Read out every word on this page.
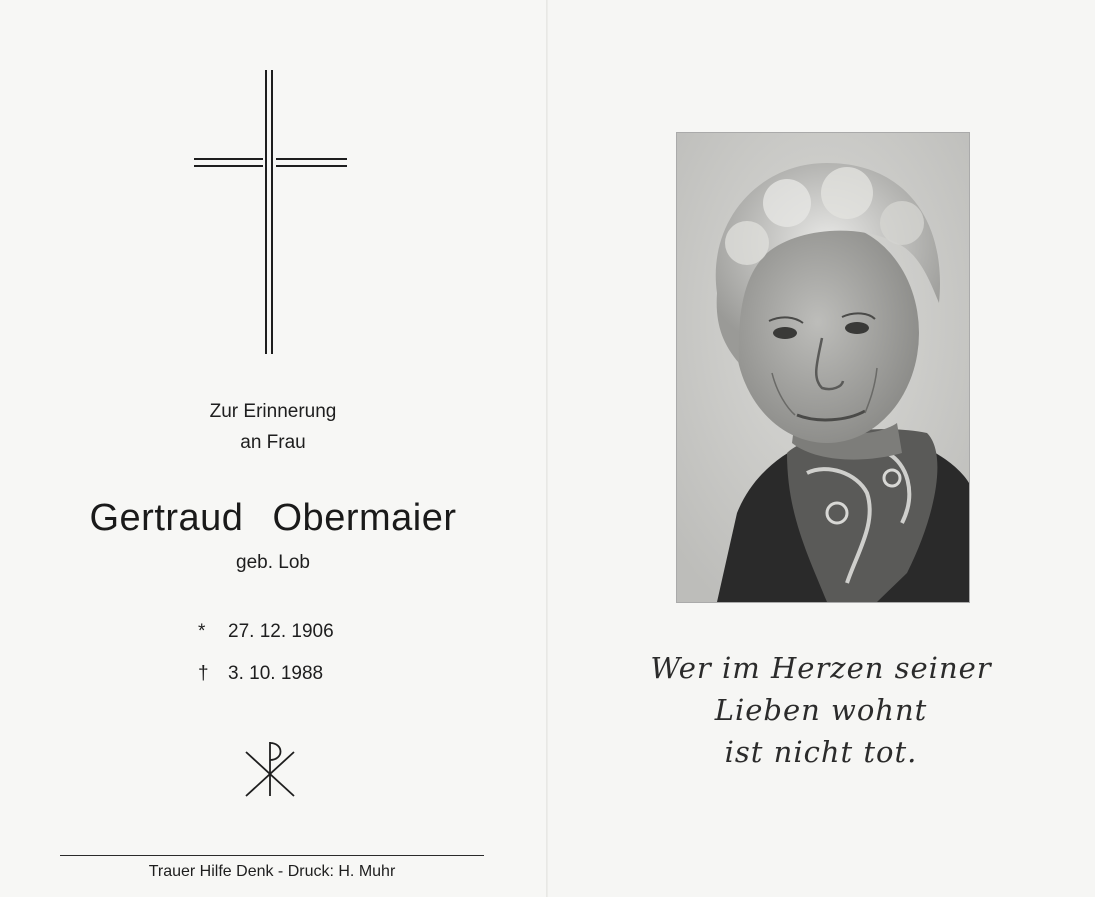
Zur Erinnerung
an Frau
Gertraud Obermaier
geb. Lob
* 27. 12. 1906
† 3. 10. 1988
Trauer Hilfe Denk - Druck: H. Muhr
Wer im Herzen seiner
Lieben wohnt
ist nicht tot.
